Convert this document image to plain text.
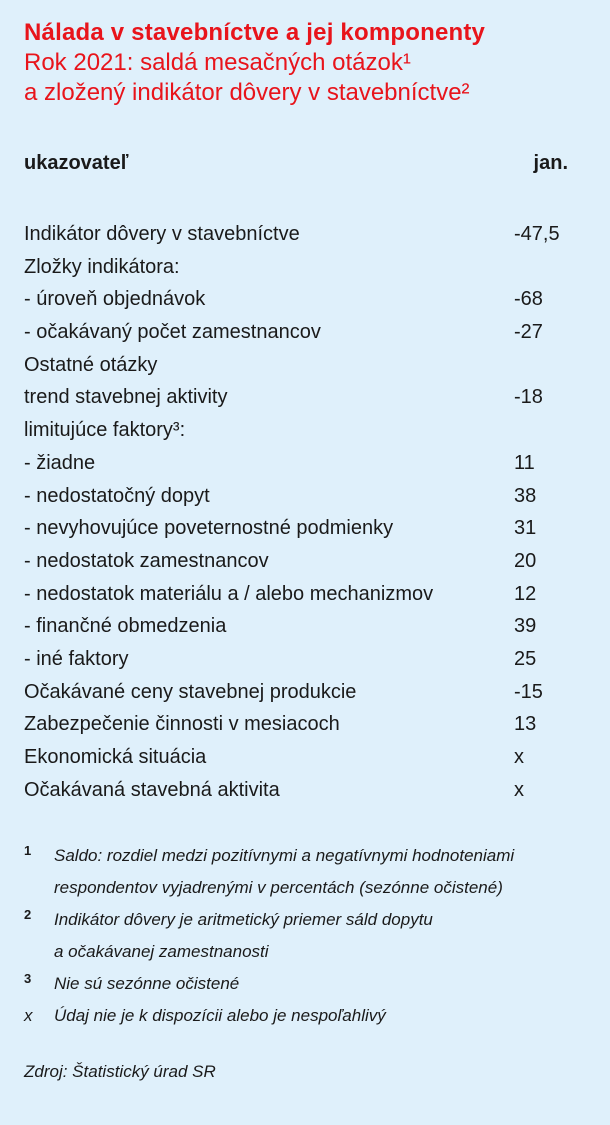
Nálada v stavebníctve a jej komponenty

Rok 2021: saldá mesačných otázok¹

a zložený indikátor dôvery v stavebníctve²

ukazovateľ	jan.
Indikátor dôvery v stavebníctve	-47,5
Zložky indikátora:
- úroveň objednávok	-68
- očakávaný počet zamestnancov	-27
Ostatné otázky
trend stavebnej aktivity	-18
limitujúce faktory³:
- žiadne	11
- nedostatočný dopyt	38
- nevyhovujúce poveternostné podmienky	31
- nedostatok zamestnancov	20
- nedostatok materiálu a / alebo mechanizmov	12
- finančné obmedzenia	39
- iné faktory	25
Očakávané ceny stavebnej produkcie	-15
Zabezpečenie činnosti v mesiacoch	13
Ekonomická situácia	x
Očakávaná stavebná aktivita	x
1	Saldo: rozdiel medzi pozitívnymi a negatívnymi hodnoteniami
respondentov vyjadrenými v percentách (sezónne očistené)
2	Indikátor dôvery je aritmetický priemer sáld dopytu
a očakávanej zamestnanosti
3	Nie sú sezónne očistené
x	Údaj nie je k dispozícii alebo je nespoľahlivý
Zdroj: Štatistický úrad SR
